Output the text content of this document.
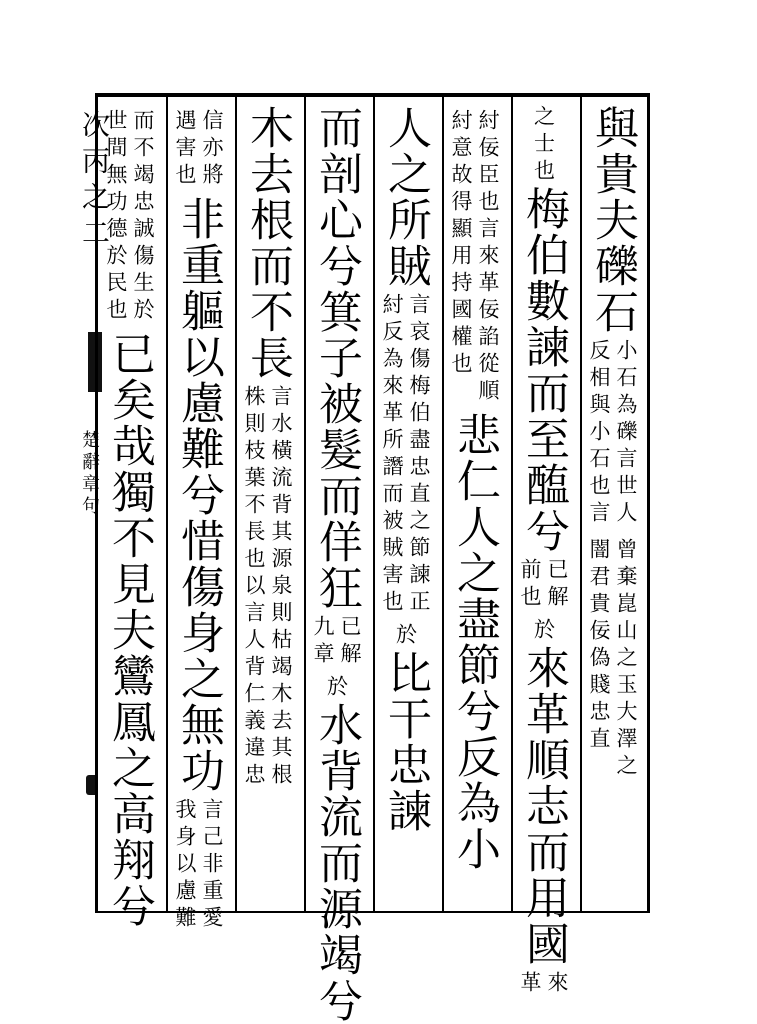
次丙之二
楚辭章句
與貴夫礫石
小石為礫言世人
反相與小石也言
曾棄崑山之玉大澤之
闇君貴佞偽賤忠直
之士也
梅伯數諫而至醢兮
已解
前也
於
來革順志而用國
來
革
紂佞臣也言來革佞諂從順
紂意故得顯用持國權也
悲仁人之盡節兮反為小
人之所賊
言哀傷梅伯盡忠直之節諫正
紂反為來革所譖而被賊害也
於
比干忠諫
而剖心兮箕子被髮而佯狂
已解
九章
於
水背流而源竭兮
木去根而不長
言水橫流背其源泉則枯竭木去其根
株則枝葉不長也以言人背仁義違忠
信亦將
遇害也
非重軀以慮難兮惜傷身之無功
言己非重愛
我身以慮難
而不竭忠誠傷生於
世間無功德於民也
已矣哉獨不見夫鸞鳳之高翔兮
